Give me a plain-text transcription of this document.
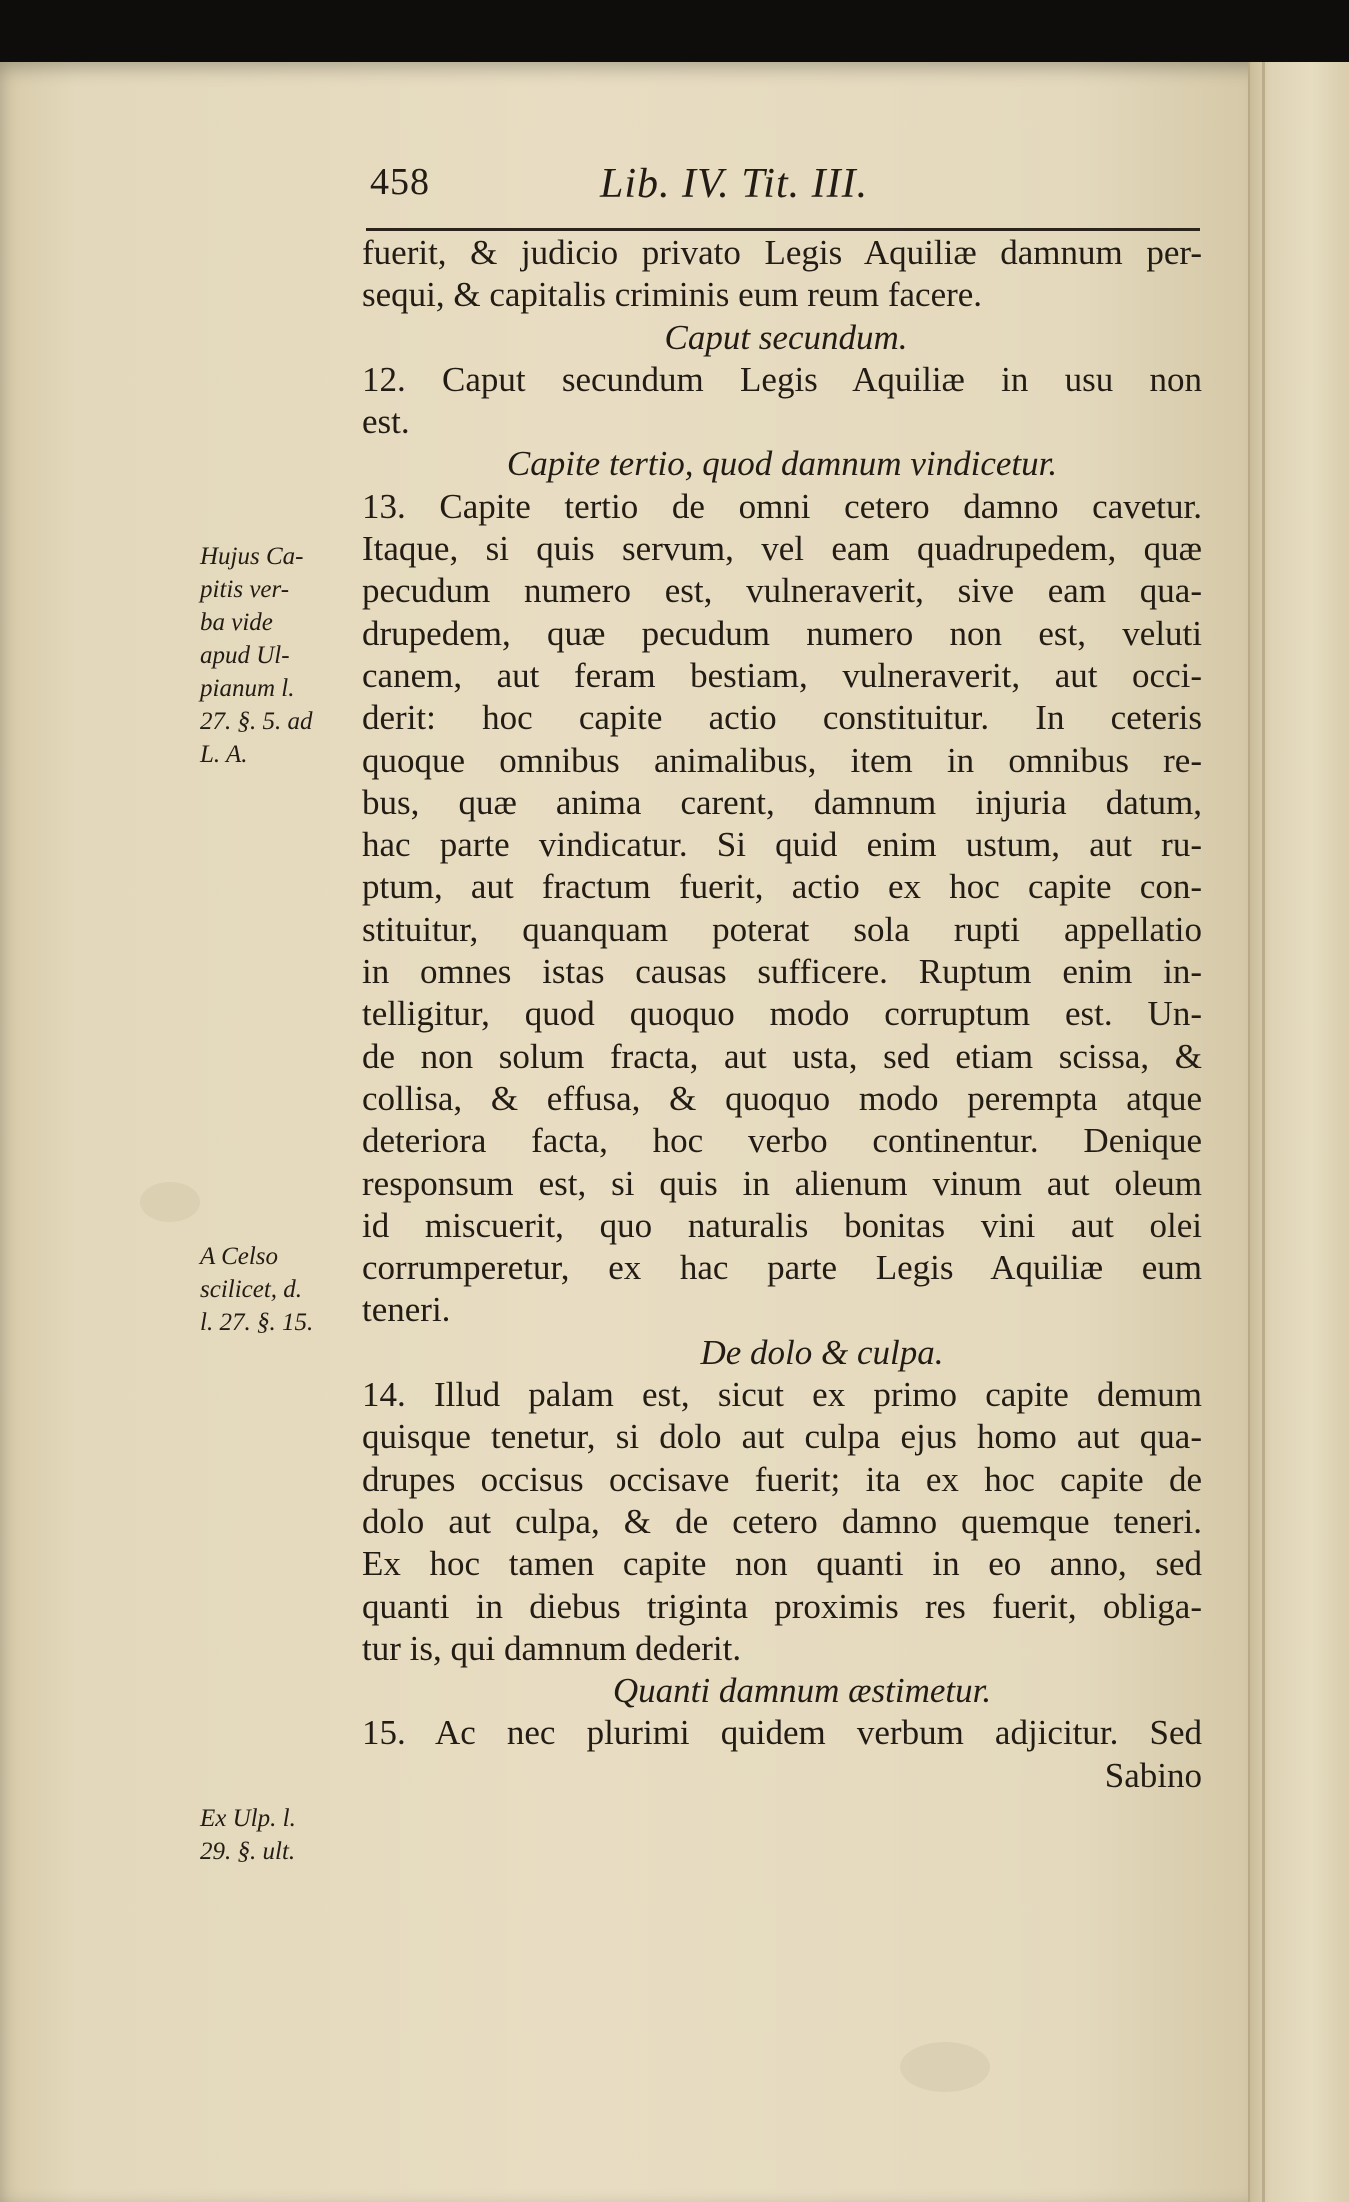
458	Lib. IV. Tit. III.
Hujus Ca-
pitis ver-
ba vide
apud Ul-
pianum l.
27. §. 5. ad
L. A.
A Celso
scilicet, d.
l. 27. §. 15.
Ex Ulp. l.
29. §. ult.
fuerit, & judicio privato Legis Aquiliæ damnum per-
sequi, & capitalis criminis eum reum facere.
Caput secundum.
12. Caput secundum Legis Aquiliæ in usu non
est.
Capite tertio, quod damnum vindicetur.
13. Capite tertio de omni cetero damno cavetur.
Itaque, si quis servum, vel eam quadrupedem, quæ
pecudum numero est, vulneraverit, sive eam qua-
drupedem, quæ pecudum numero non est, veluti
canem, aut feram bestiam, vulneraverit, aut occi-
derit: hoc capite actio constituitur. In ceteris
quoque omnibus animalibus, item in omnibus re-
bus, quæ anima carent, damnum injuria datum,
hac parte vindicatur. Si quid enim ustum, aut ru-
ptum, aut fractum fuerit, actio ex hoc capite con-
stituitur, quanquam poterat sola rupti appellatio
in omnes istas causas sufficere. Ruptum enim in-
telligitur, quod quoquo modo corruptum est. Un-
de non solum fracta, aut usta, sed etiam scissa, &
collisa, & effusa, & quoquo modo perempta atque
deteriora facta, hoc verbo continentur. Denique
responsum est, si quis in alienum vinum aut oleum
id miscuerit, quo naturalis bonitas vini aut olei
corrumperetur, ex hac parte Legis Aquiliæ eum
teneri.
De dolo & culpa.
14. Illud palam est, sicut ex primo capite demum
quisque tenetur, si dolo aut culpa ejus homo aut qua-
drupes occisus occisave fuerit; ita ex hoc capite de
dolo aut culpa, & de cetero damno quemque teneri.
Ex hoc tamen capite non quanti in eo anno, sed
quanti in diebus triginta proximis res fuerit, obliga-
tur is, qui damnum dederit.
Quanti damnum æstimetur.
15. Ac nec plurimi quidem verbum adjicitur. Sed
Sabino
